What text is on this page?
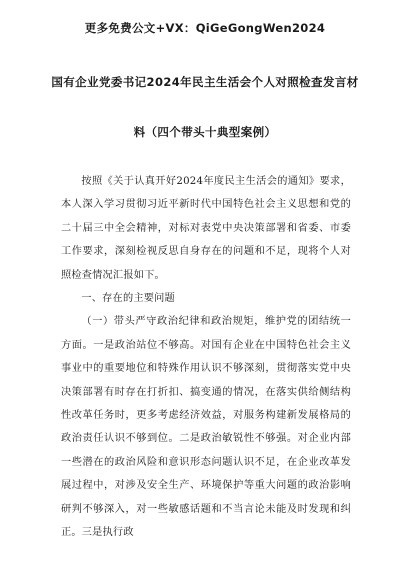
更多免费公文+VX：QiGeGongWen2024
国有企业党委书记2024年民主生活会个人对照检查发言材
料（四个带头十典型案例）

按照《关于认真开好2024年度民主生活会的通知》要求，本人深入学习贯彻习近平新时代中国特色社会主义思想和党的二十届三中全会精神，对标对表党中央决策部署和省委、市委工作要求，深刻检视反思自身存在的问题和不足，现将个人对照检查情况汇报如下。

一、存在的主要问题

（一）带头严守政治纪律和政治规矩，维护党的团结统一方面。一是政治站位不够高。对国有企业在中国特色社会主义事业中的重要地位和特殊作用认识不够深刻，贯彻落实党中央决策部署有时存在打折扣、搞变通的情况，在落实供给侧结构性改革任务时，更多考虑经济效益，对服务构建新发展格局的政治责任认识不够到位。二是政治敏锐性不够强。对企业内部一些潜在的政治风险和意识形态问题认识不足，在企业改革发展过程中，对涉及安全生产、环境保护等重大问题的政治影响研判不够深入，对一些敏感话题和不当言论未能及时发现和纠正。三是执行政
